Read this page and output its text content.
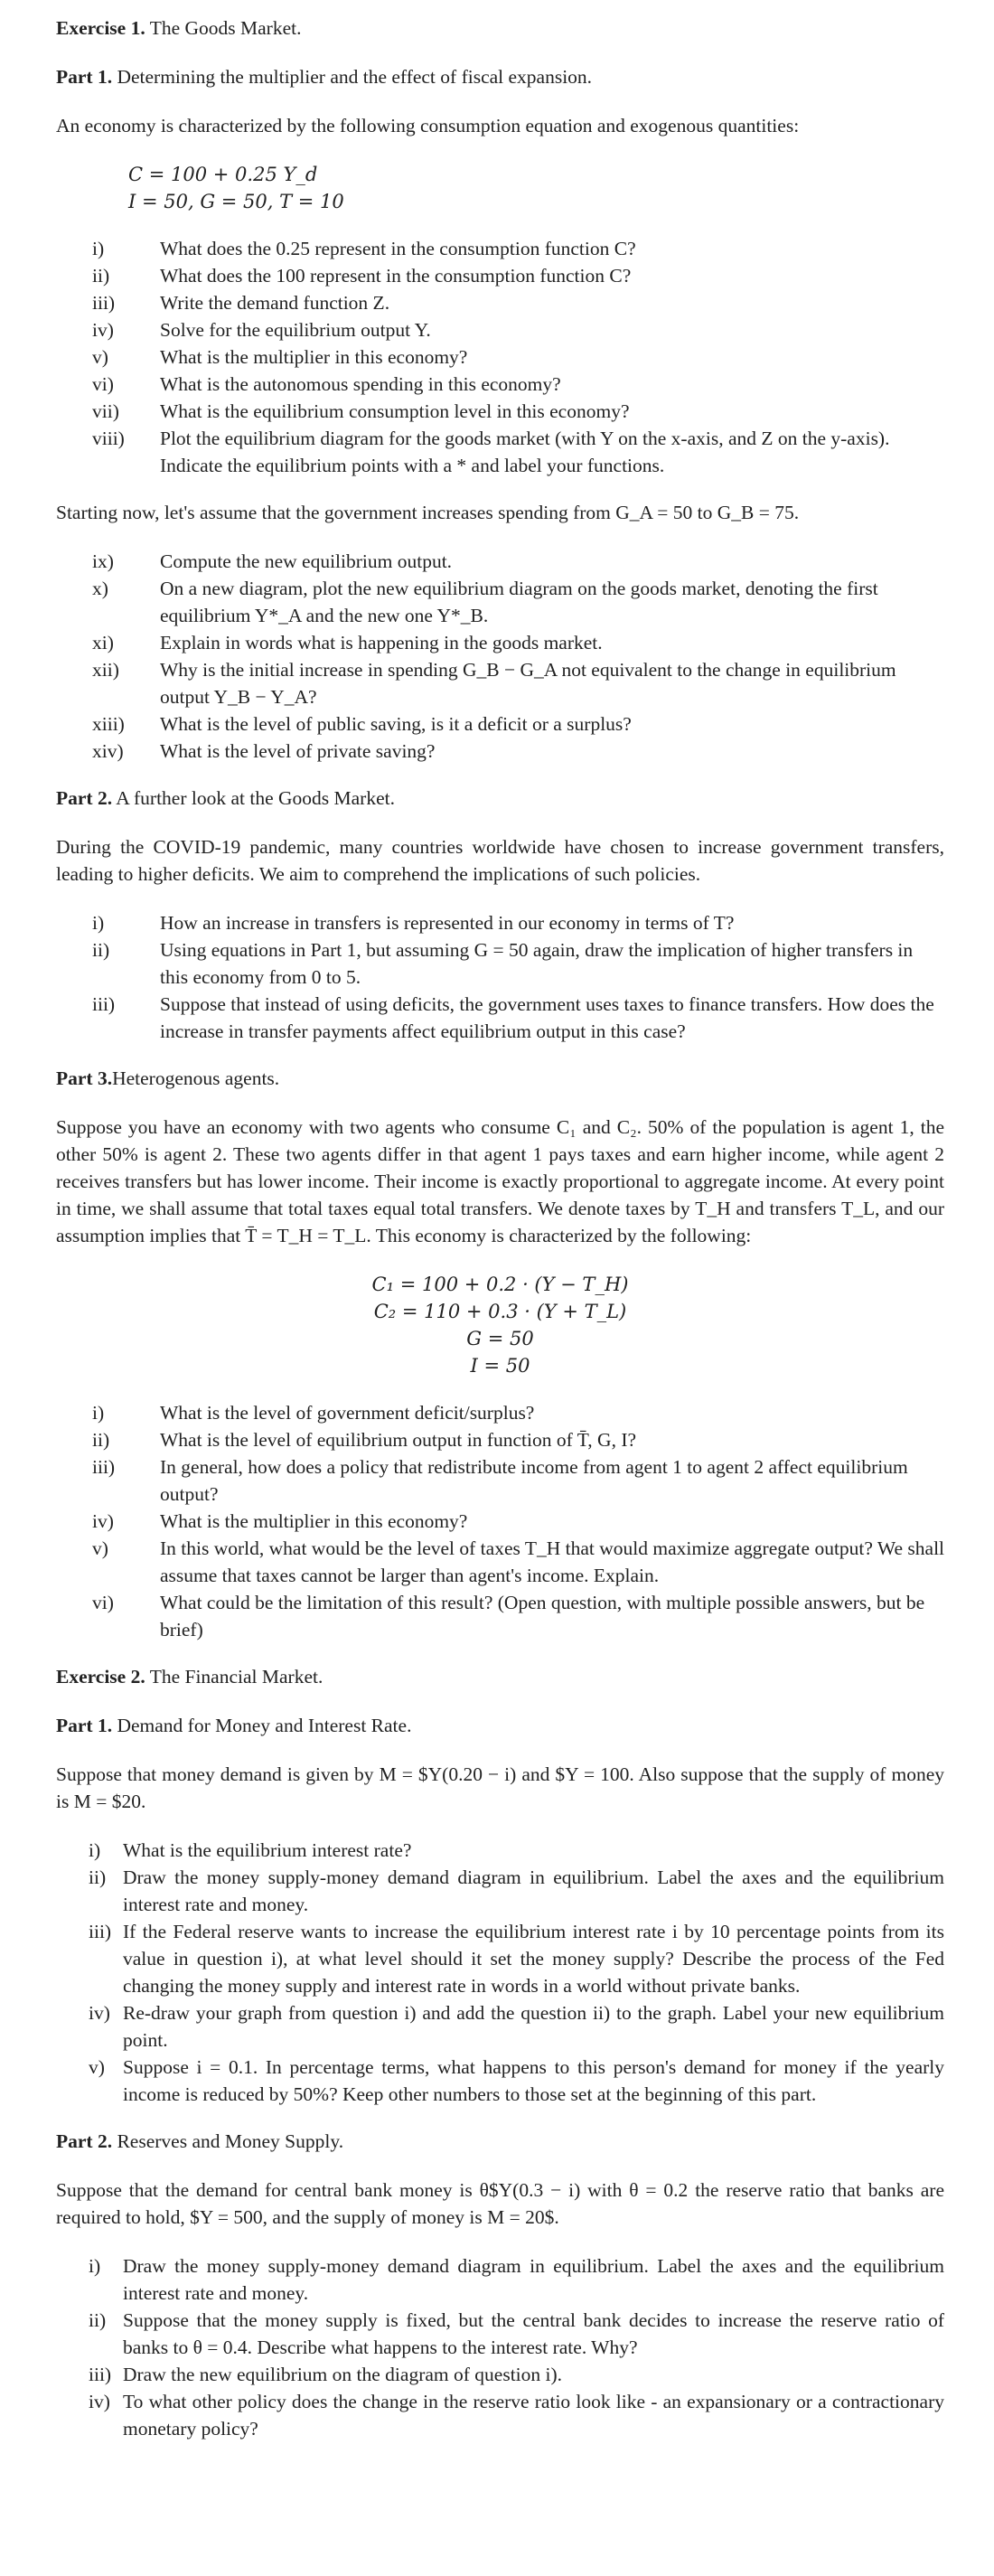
Exercise 1. The Goods Market.

Part 1. Determining the multiplier and the effect of fiscal expansion.

An economy is characterized by the following consumption equation and exogenous quantities:

C = 100 + 0.25 Y_d
I = 50, G = 50, T = 10
i)	What does the 0.25 represent in the consumption function C?
ii)	What does the 100 represent in the consumption function C?
iii)	Write the demand function Z.
iv)	Solve for the equilibrium output Y.
v)	What is the multiplier in this economy?
vi)	What is the autonomous spending in this economy?
vii)	What is the equilibrium consumption level in this economy?
viii)	Plot the equilibrium diagram for the goods market (with Y on the x-axis, and Z on the y-axis). Indicate the equilibrium points with a * and label your functions.

Starting now, let's assume that the government increases spending from G_A = 50 to G_B = 75.

ix)	Compute the new equilibrium output.
x)	On a new diagram, plot the new equilibrium diagram on the goods market, denoting the first equilibrium Y*_A and the new one Y*_B.
xi)	Explain in words what is happening in the goods market.
xii)	Why is the initial increase in spending G_B − G_A not equivalent to the change in equilibrium output Y_B − Y_A?
xiii)	What is the level of public saving, is it a deficit or a surplus?
xiv)	What is the level of private saving?

Part 2. A further look at the Goods Market.

During the COVID-19 pandemic, many countries worldwide have chosen to increase government transfers, leading to higher deficits. We aim to comprehend the implications of such policies.

i)	How an increase in transfers is represented in our economy in terms of T?
ii)	Using equations in Part 1, but assuming G = 50 again, draw the implication of higher transfers in this economy from 0 to 5.
iii)	Suppose that instead of using deficits, the government uses taxes to finance transfers. How does the increase in transfer payments affect equilibrium output in this case?

Part 3.Heterogenous agents.

Suppose you have an economy with two agents who consume C₁ and C₂. 50% of the population is agent 1, the other 50% is agent 2. These two agents differ in that agent 1 pays taxes and earn higher income, while agent 2 receives transfers but has lower income. Their income is exactly proportional to aggregate income. At every point in time, we shall assume that total taxes equal total transfers. We denote taxes by T_H and transfers T_L, and our assumption implies that T̄ = T_H = T_L. This economy is characterized by the following:

C₁ = 100 + 0.2 · (Y − T_H)
C₂ = 110 + 0.3 · (Y + T_L)
G = 50
I = 50
i)	What is the level of government deficit/surplus?
ii)	What is the level of equilibrium output in function of T̄, G, I?
iii)	In general, how does a policy that redistribute income from agent 1 to agent 2 affect equilibrium output?
iv)	What is the multiplier in this economy?
v)	In this world, what would be the level of taxes T_H that would maximize aggregate output? We shall assume that taxes cannot be larger than agent's income. Explain.
vi)	What could be the limitation of this result? (Open question, with multiple possible answers, but be brief)

Exercise 2. The Financial Market.

Part 1. Demand for Money and Interest Rate.

Suppose that money demand is given by M = $Y(0.20 − i) and $Y = 100. Also suppose that the supply of money is M = $20.

i)	What is the equilibrium interest rate?
ii) Draw the money supply-money demand diagram in equilibrium. Label the axes and the equilibrium interest rate and money.
iii) If the Federal reserve wants to increase the equilibrium interest rate i by 10 percentage points from its value in question i), at what level should it set the money supply? Describe the process of the Fed changing the money supply and interest rate in words in a world without private banks.
iv) Re-draw your graph from question i) and add the question ii) to the graph. Label your new equilibrium point.
v) Suppose i = 0.1. In percentage terms, what happens to this person's demand for money if the yearly income is reduced by 50%? Keep other numbers to those set at the beginning of this part.

Part 2. Reserves and Money Supply.

Suppose that the demand for central bank money is θ$Y(0.3 − i) with θ = 0.2 the reserve ratio that banks are required to hold, $Y = 500, and the supply of money is M = 20$.

i)	Draw the money supply-money demand diagram in equilibrium. Label the axes and the equilibrium interest rate and money.
ii) Suppose that the money supply is fixed, but the central bank decides to increase the reserve ratio of banks to θ = 0.4. Describe what happens to the interest rate. Why?
iii) Draw the new equilibrium on the diagram of question i).
iv) To what other policy does the change in the reserve ratio look like - an expansionary or a contractionary monetary policy?
